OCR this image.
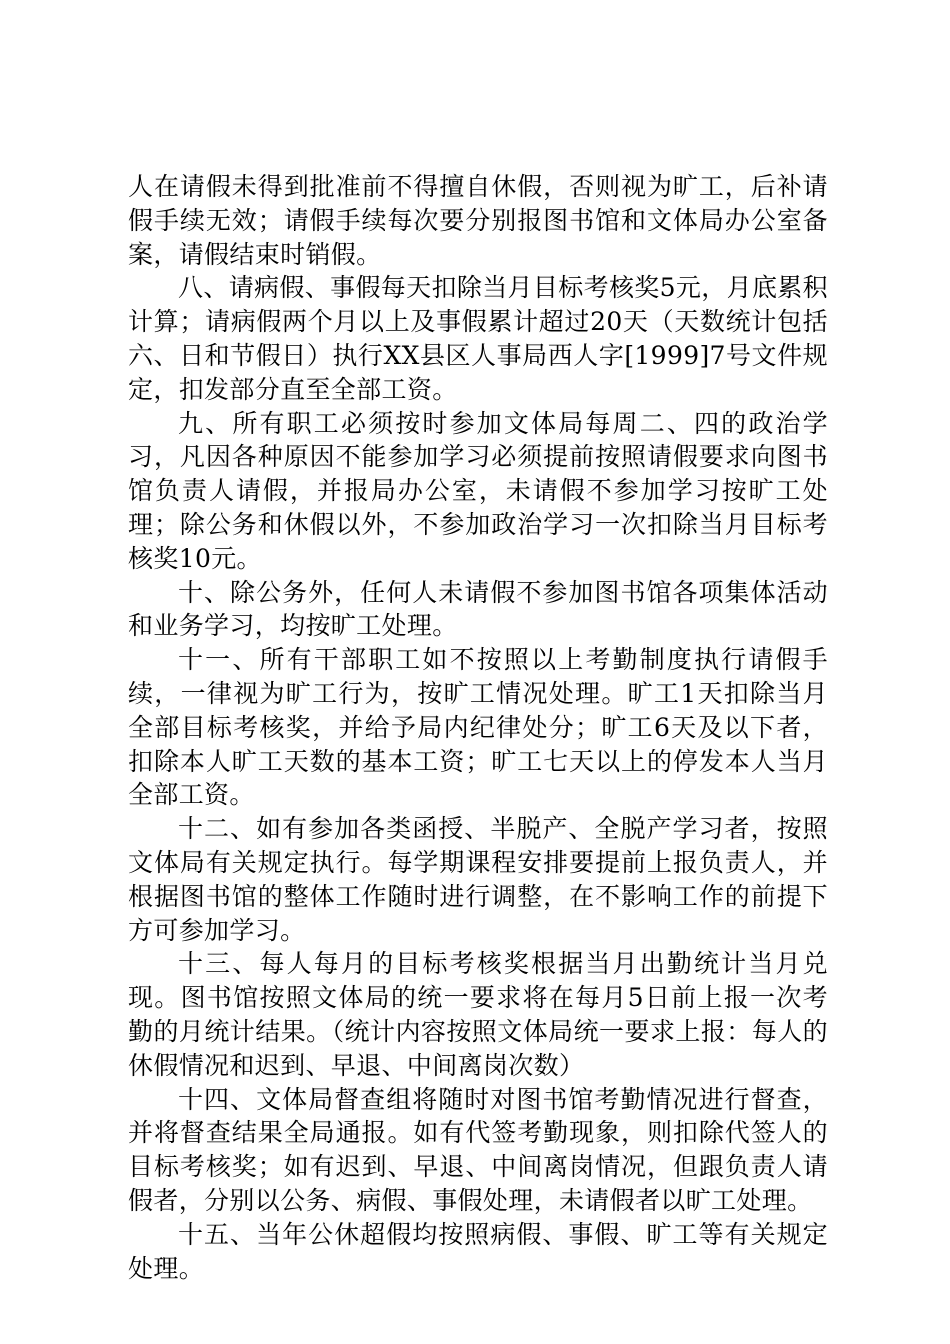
人在请假未得到批准前不得擅自休假，否则视为旷工，后补请假手续无效；请假手续每次要分别报图书馆和文体局办公室备案，请假结束时销假。

八、请病假、事假每天扣除当月目标考核奖5元，月底累积计算；请病假两个月以上及事假累计超过20天（天数统计包括六、日和节假日）执行XX县区人事局西人字[1999]7号文件规定，扣发部分直至全部工资。

九、所有职工必须按时参加文体局每周二、四的政治学习，凡因各种原因不能参加学习必须提前按照请假要求向图书馆负责人请假，并报局办公室，未请假不参加学习按旷工处理；除公务和休假以外，不参加政治学习一次扣除当月目标考核奖10元。

十、除公务外，任何人未请假不参加图书馆各项集体活动和业务学习，均按旷工处理。

十一、所有干部职工如不按照以上考勤制度执行请假手续，一律视为旷工行为，按旷工情况处理。旷工1天扣除当月全部目标考核奖，并给予局内纪律处分；旷工6天及以下者，扣除本人旷工天数的基本工资；旷工七天以上的停发本人当月全部工资。

十二、如有参加各类函授、半脱产、全脱产学习者，按照文体局有关规定执行。每学期课程安排要提前上报负责人，并根据图书馆的整体工作随时进行调整，在不影响工作的前提下方可参加学习。

十三、每人每月的目标考核奖根据当月出勤统计当月兑现。图书馆按照文体局的统一要求将在每月5日前上报一次考勤的月统计结果。（统计内容按照文体局统一要求上报：每人的休假情况和迟到、早退、中间离岗次数）

十四、文体局督查组将随时对图书馆考勤情况进行督查，并将督查结果全局通报。如有代签考勤现象，则扣除代签人的目标考核奖；如有迟到、早退、中间离岗情况，但跟负责人请假者，分别以公务、病假、事假处理，未请假者以旷工处理。

十五、当年公休超假均按照病假、事假、旷工等有关规定处理。
